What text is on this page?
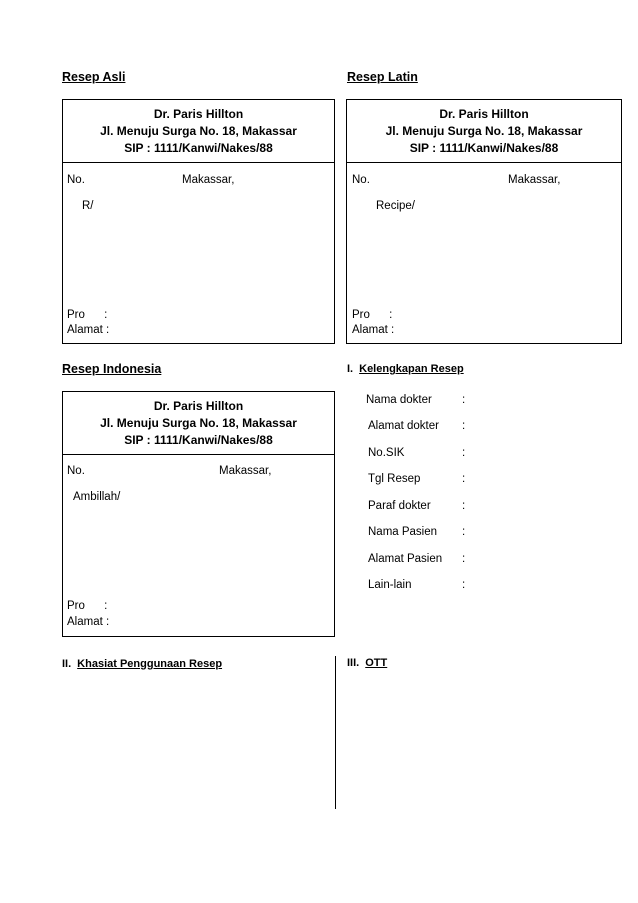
Resep Asli
Dr. Paris Hillton
Jl. Menuju Surga No. 18, Makassar
SIP : 1111/Kanwi/Nakes/88
No.	Makassar,
R/
Pro      :
Alamat :
Resep Latin
Dr. Paris Hillton
Jl. Menuju Surga No. 18, Makassar
SIP : 1111/Kanwi/Nakes/88
No.	Makassar,
Recipe/
Pro      :
Alamat :
Resep Indonesia
Dr. Paris Hillton
Jl. Menuju Surga No. 18, Makassar
SIP : 1111/Kanwi/Nakes/88
No.	Makassar,
Ambillah/
Pro      :
Alamat :
I. Kelengkapan Resep
Nama dokter	:
Alamat dokter :
No.SIK	:
Tgl Resep	:
Paraf dokter	:
Nama Pasien :
Alamat Pasien :
Lain-lain	:
II. Khasiat Penggunaan Resep	III. OTT
